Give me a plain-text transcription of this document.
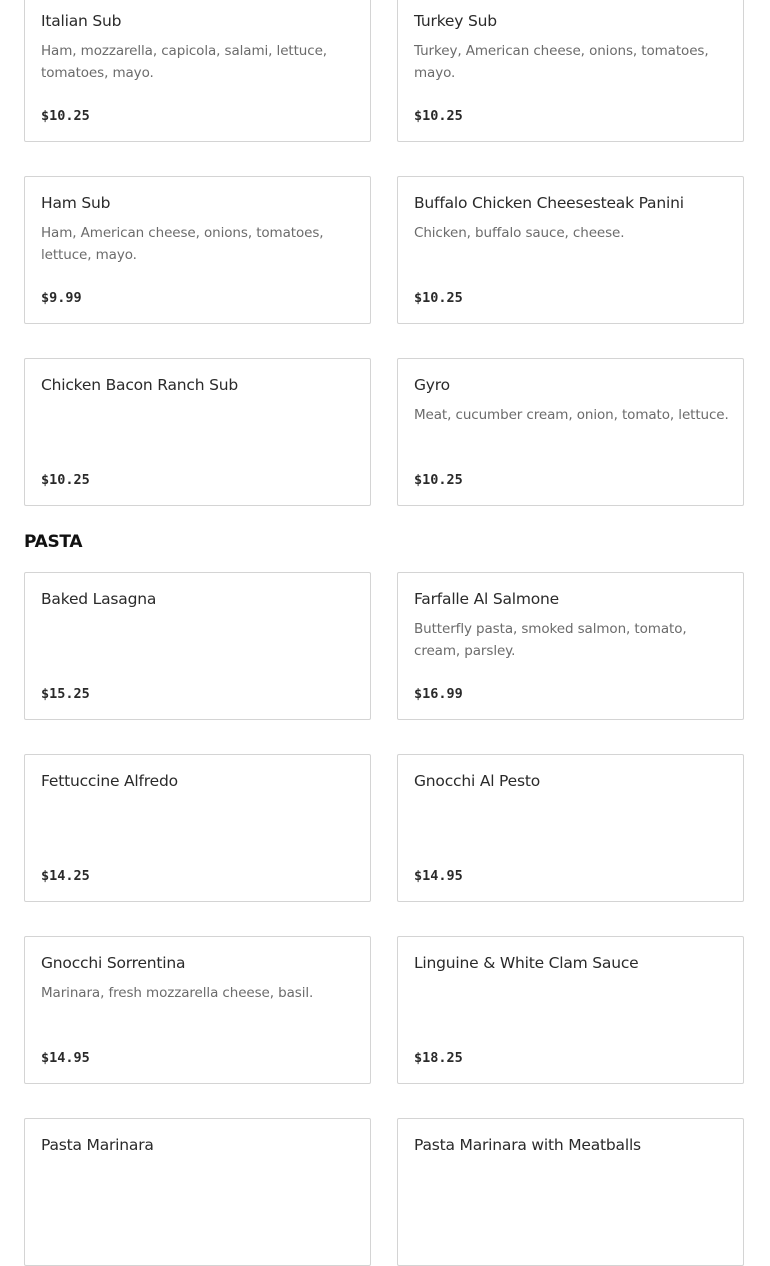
Italian Sub
Ham, mozzarella, capicola, salami, lettuce, tomatoes, mayo.
$10.25
Turkey Sub
Turkey, American cheese, onions, tomatoes, mayo.
$10.25
Ham Sub
Ham, American cheese, onions, tomatoes, lettuce, mayo.
$9.99
Buffalo Chicken Cheesesteak Panini
Chicken, buffalo sauce, cheese.
$10.25
Chicken Bacon Ranch Sub
$10.25
Gyro
Meat, cucumber cream, onion, tomato, lettuce.
$10.25
PASTA
Baked Lasagna
$15.25
Farfalle Al Salmone
Butterfly pasta, smoked salmon, tomato, cream, parsley.
$16.99
Fettuccine Alfredo
$14.25
Gnocchi Al Pesto
$14.95
Gnocchi Sorrentina
Marinara, fresh mozzarella cheese, basil.
$14.95
Linguine & White Clam Sauce
$18.25
Pasta Marinara	Pasta Marinara with Meatballs
